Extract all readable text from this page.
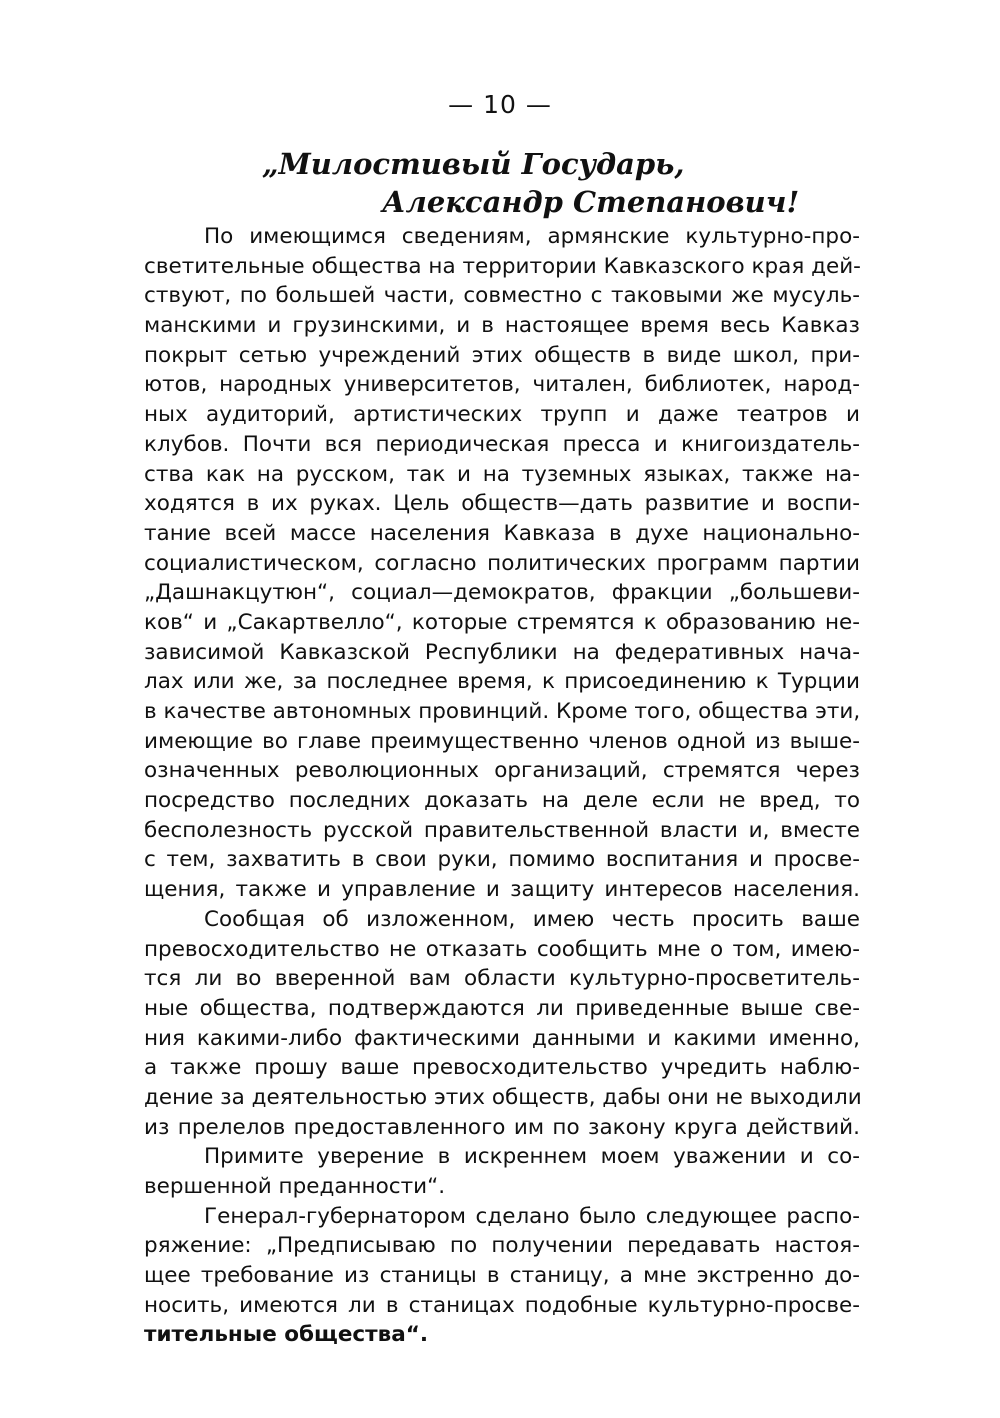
— 10 —
„Милостивый Государь,
Александр Степанович!
По имеющимся сведениям, армянские культурно-про-
светительные общества на территории Кавказского края дей-
ствуют, по большей части, совместно с таковыми же мусуль-
манскими и грузинскими, и в настоящее время весь Кавказ
покрыт сетью учреждений этих обществ в виде школ, при-
ютов, народных университетов, читален, библиотек, народ-
ных аудиторий, артистических трупп и даже театров и
клубов. Почти вся периодическая пресса и книгоиздатель-
ства как на русском, так и на туземных языках, также на-
ходятся в их руках. Цель обществ—дать развитие и воспи-
тание всей массе населения Кавказа в духе национально-
социалистическом, согласно политических программ партии
„Дашнакцутюн“, социал—демократов, фракции „большеви-
ков“ и „Сакартвелло“, которые стремятся к образованию не-
зависимой Кавказской Республики на федеративных нача-
лах или же, за последнее время, к присоединению к Турции
в качестве автономных провинций. Кроме того, общества эти,
имеющие во главе преимущественно членов одной из выше-
означенных революционных организаций, стремятся через
посредство последних доказать на деле если не вред, то
бесполезность русской правительственной власти и, вместе
с тем, захватить в свои руки, помимо воспитания и просве-
щения, также и управление и защиту интересов населения.
Сообщая об изложенном, имею честь просить ваше
превосходительство не отказать сообщить мне о том, имею-
тся ли во вверенной вам области культурно-просветитель-
ные общества, подтверждаются ли приведенные выше све-
ния какими-либо фактическими данными и какими именно,
а также прошу ваше превосходительство учредить наблю-
дение за деятельностью этих обществ, дабы они не выходили
из прелелов предоставленного им по закону круга действий.
Примите уверение в искреннем моем уважении и со-
вершенной преданности“.
Генерал-губернатором сделано было следующее распо-
ряжение: „Предписываю по получении передавать настоя-
щее требование из станицы в станицу, а мне экстренно до-
носить, имеются ли в станицах подобные культурно-просве-
тительные общества“.
